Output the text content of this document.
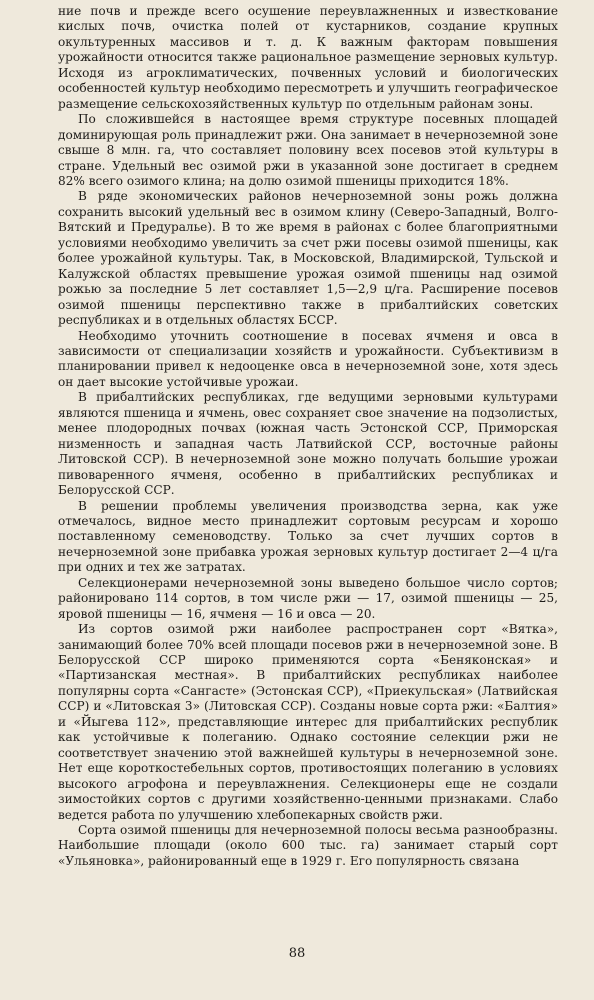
ние почв и прежде всего осушение переувлажненных и известкование кислых почв, очистка полей от кустарников, создание крупных окультуренных массивов и т. д. К важным факторам повышения урожайности относится также рациональное размещение зерновых культур. Исходя из агроклиматических, почвенных условий и биологических особенностей культур необходимо пересмотреть и улучшить географическое размещение сельскохозяйственных культур по отдельным районам зоны.

По сложившейся в настоящее время структуре посевных площадей доминирующая роль принадлежит ржи. Она занимает в нечерноземной зоне свыше 8 млн. га, что составляет половину всех посевов этой культуры в стране. Удельный вес озимой ржи в указанной зоне достигает в среднем 82% всего озимого клина; на долю озимой пшеницы приходится 18%.

В ряде экономических районов нечерноземной зоны рожь должна сохранить высокий удельный вес в озимом клину (Северо-Западный, Волго-Вятский и Предуралье). В то же время в районах с более благоприятными условиями необходимо увеличить за счет ржи посевы озимой пшеницы, как более урожайной культуры. Так, в Московской, Владимирской, Тульской и Калужской областях превышение урожая озимой пшеницы над озимой рожью за последние 5 лет составляет 1,5—2,9 ц/га. Расширение посевов озимой пшеницы перспективно также в прибалтийских советских республиках и в отдельных областях БССР.

Необходимо уточнить соотношение в посевах ячменя и овса в зависимости от специализации хозяйств и урожайности. Субъективизм в планировании привел к недооценке овса в нечерноземной зоне, хотя здесь он дает высокие устойчивые урожаи.

В прибалтийских республиках, где ведущими зерновыми культурами являются пшеница и ячмень, овес сохраняет свое значение на подзолистых, менее плодородных почвах (южная часть Эстонской ССР, Приморская низменность и западная часть Латвийской ССР, восточные районы Литовской ССР). В нечерноземной зоне можно получать большие урожаи пивоваренного ячменя, особенно в прибалтийских республиках и Белорусской ССР.

В решении проблемы увеличения производства зерна, как уже отмечалось, видное место принадлежит сортовым ресурсам и хорошо поставленному семеноводству. Только за счет лучших сортов в нечерноземной зоне прибавка урожая зерновых культур достигает 2—4 ц/га при одних и тех же затратах.

Селекционерами нечерноземной зоны выведено большое число сортов; районировано 114 сортов, в том числе ржи — 17, озимой пшеницы — 25, яровой пшеницы — 16, ячменя — 16 и овса — 20.

Из сортов озимой ржи наиболее распространен сорт «Вятка», занимающий более 70% всей площади посевов ржи в нечерноземной зоне. В Белорусской ССР широко применяются сорта «Беняконская» и «Партизанская местная». В прибалтийских республиках наиболее популярны сорта «Сангасте» (Эстонская ССР), «Приекульская» (Латвийская ССР) и «Литовская 3» (Литовская ССР). Созданы новые сорта ржи: «Балтия» и «Йыгева 112», представляющие интерес для прибалтийских республик как устойчивые к полеганию. Однако состояние селекции ржи не соответствует значению этой важнейшей культуры в нечерноземной зоне. Нет еще короткостебельных сортов, противостоящих полеганию в условиях высокого агрофона и переувлажнения. Селекционеры еще не создали зимостойких сортов с другими хозяйственно-ценными признаками. Слабо ведется работа по улучшению хлебопекарных свойств ржи.

Сорта озимой пшеницы для нечерноземной полосы весьма разнообразны. Наибольшие площади (около 600 тыс. га) занимает старый сорт «Ульяновка», районированный еще в 1929 г. Его популярность связана

88
